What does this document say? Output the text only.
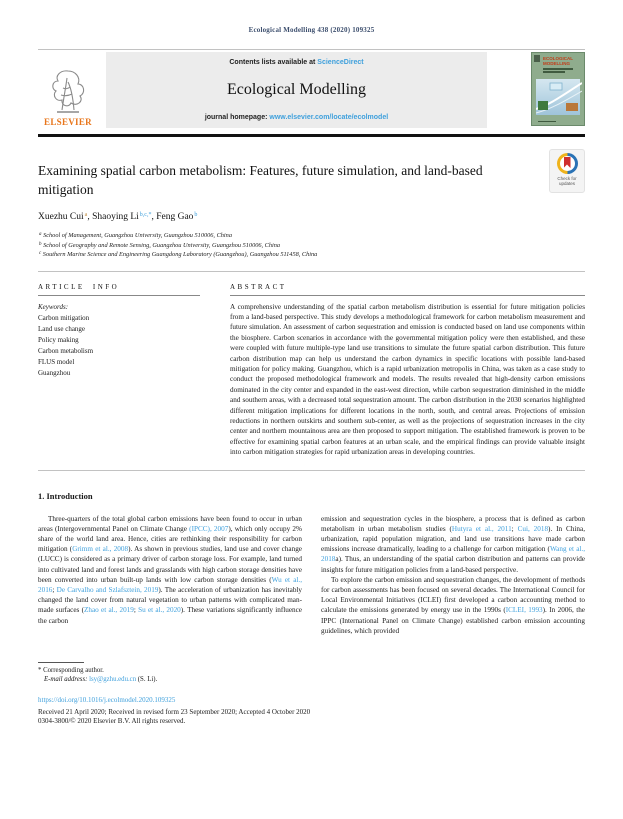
Ecological Modelling 438 (2020) 109325
ELSEVIER
Contents lists available at ScienceDirect
Ecological Modelling
journal homepage: www.elsevier.com/locate/ecolmodel
ECOLOGICAL MODELLING
Examining spatial carbon metabolism: Features, future simulation, and land-based mitigation
Check for updates
Xuezhu Cui$^a$, Shaoying $Li^{b,c,*}$, Feng Gao$^b$
$^a$ School of Management, Guangzhou University, Guangzhou 510006, China
$^b$ School of Geography and Remote Sensing, Guangzhou University, Guangzhou 510006, China
$^c$ Southern Marine Science and Engineering Guangdong Laboratory (Guangzhou), Guangzhou 511458, China
ARTICLE INFO
Keywords:
Carbon mitigation
Land use change
Policy making
Carbon metabolism
FLUS model
Guangzhou
ABSTRACT

A comprehensive understanding of the spatial carbon metabolism distribution is essential for future mitigation policies from a land-based perspective. This study develops a methodological framework for carbon metabolism measurement and future simulation. An assessment of carbon sequestration and emission is conducted based on land use components within the biosphere. Carbon scenarios in accordance with the governmental mitigation policy were then established, and these were coupled with future multiple-type land use transitions to simulate the future spatial carbon distribution. This future carbon distribution map can help us understand the carbon dynamics in specific locations with possible land-based mitigation for policy making. Guangzhou, which is a rapid urbanization metropolis in China, was taken as a case study to conduct the proposed methodological framework and models. The results revealed that high-density carbon emissions dominated in the city center and expanded in the east-west direction, while carbon sequestration diminished in the middle and southern areas, with a decreased total sequestration amount. The carbon distribution in the 2030 scenarios highlighted different mitigation implications for different locations in the north, south, and central areas. Projections of emission reductions in northern outskirts and southern sub-center, as well as the projections of sequestration increases in the city center and northern mountainous area are then proposed to support mitigation. The established framework is proven to be effective for examining spatial carbon features at an urban scale, and the empirical findings can provide valuable insight into carbon mitigation strategies for rapid urbanization areas in developing countries.

1. Introduction

Three-quarters of the total global carbon emissions have been found to occur in urban areas (Intergovernmental Panel on Climate Change (IPCC), 2007), which only occupy 2% share of the world land area. Hence, cities are rethinking their responsibility for carbon mitigation (Grimm et al., 2008). As shown in previous studies, land use and cover change (LUCC) is considered as a primary driver of carbon storage loss. For example, land turned into cultivated land and forest lands and grasslands with high carbon storage densities have been converted into urban built-up lands with low carbon storage densities (Wu et al., 2016; De Carvalho and Szlafsztein, 2019). The acceleration of urbanization has inevitably changed the land cover from natural vegetation to urban patterns with complicated man-made surfaces (Zhao et al., 2019; Su et al., 2020). These variations significantly influence the carbon

emission and sequestration cycles in the biosphere, a process that is defined as carbon metabolism in urban metabolism studies (Hutyra et al., 2011; Cui, 2018). In China, urbanization, rapid population migration, and land use transitions have made carbon emissions increase dramatically, leading to a challenge for carbon mitigation (Wang et al., 2018a). Thus, an understanding of the spatial carbon distribution and patterns can provide insights for future mitigation policies from a land-based perspective.

To explore the carbon emission and sequestration changes, the development of methods for carbon assessments has been focused on several decades. The International Council for Local Environmental Initiatives (ICLEI) first developed a carbon accounting method to calculate the emissions generated by energy use in the 1990s (ICLEI, 1993). In 2006, the IPPC (International Panel on Climate Change) established carbon emission accounting guidelines, which provided

* Corresponding author.
E-mail address: lsy@gzhu.edu.cn (S. Li).
https://doi.org/10.1016/j.ecolmodel.2020.109325
Received 21 April 2020; Received in revised form 23 September 2020; Accepted 4 October 2020
0304-3800/© 2020 Elsevier B.V. All rights reserved.
